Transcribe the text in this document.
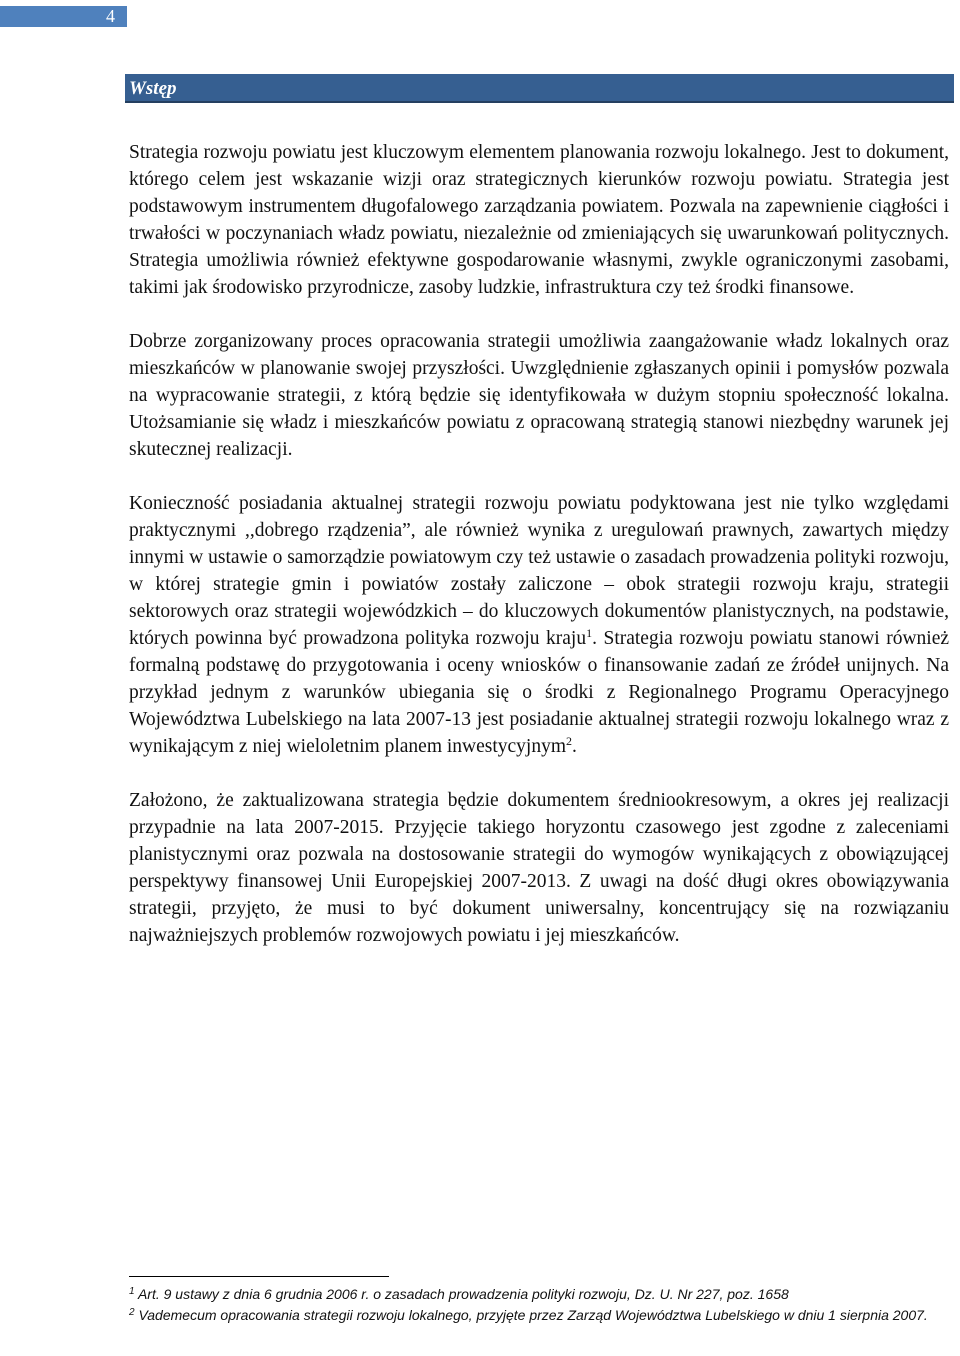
4
Wstęp

Strategia rozwoju powiatu jest kluczowym elementem planowania rozwoju lokalnego. Jest to dokument, którego celem jest wskazanie wizji oraz strategicznych kierunków rozwoju powiatu. Strategia jest podstawowym instrumentem długofalowego zarządzania powiatem. Pozwala na zapewnienie ciągłości i trwałości w poczynaniach władz powiatu, niezależnie od zmieniających się uwarunkowań politycznych. Strategia umożliwia również efektywne gospodarowanie własnymi, zwykle ograniczonymi zasobami, takimi jak środowisko przyrodnicze, zasoby ludzkie, infrastruktura czy też środki finansowe.

Dobrze zorganizowany proces opracowania strategii umożliwia zaangażowanie władz lokalnych oraz mieszkańców w planowanie swojej przyszłości. Uwzględnienie zgłaszanych opinii i pomysłów pozwala na wypracowanie strategii, z którą będzie się identyfikowała w dużym stopniu społeczność lokalna. Utożsamianie się władz i mieszkańców powiatu z opracowaną strategią stanowi niezbędny warunek jej skutecznej realizacji.

Konieczność posiadania aktualnej strategii rozwoju powiatu podyktowana jest nie tylko względami praktycznymi ,,dobrego rządzenia”, ale również wynika z uregulowań prawnych, zawartych między innymi w ustawie o samorządzie powiatowym czy też ustawie o zasadach prowadzenia polityki rozwoju, w której strategie gmin i powiatów zostały zaliczone – obok strategii rozwoju kraju, strategii sektorowych oraz strategii wojewódzkich – do kluczowych dokumentów planistycznych, na podstawie, których powinna być prowadzona polityka rozwoju kraju$^1$. Strategia rozwoju powiatu stanowi również formalną podstawę do przygotowania i oceny wniosków o finansowanie zadań ze źródeł unijnych. Na przykład jednym z warunków ubiegania się o środki z Regionalnego Programu Operacyjnego Województwa Lubelskiego na lata 2007-13 jest posiadanie aktualnej strategii rozwoju lokalnego wraz z wynikającym z niej wieloletnim planem inwestycyjnym$^2$.

Założono, że zaktualizowana strategia będzie dokumentem średniookresowym, a okres jej realizacji przypadnie na lata 2007-2015. Przyjęcie takiego horyzontu czasowego jest zgodne z zaleceniami planistycznymi oraz pozwala na dostosowanie strategii do wymogów wynikających z obowiązującej perspektywy finansowej Unii Europejskiej 2007-2013. Z uwagi na dość długi okres obowiązywania strategii, przyjęto, że musi to być dokument uniwersalny, koncentrujący się na rozwiązaniu najważniejszych problemów rozwojowych powiatu i jej mieszkańców.

$^1$ Art. 9 ustawy z dnia 6 grudnia 2006 r. o zasadach prowadzenia polityki rozwoju, Dz. U. Nr 227, poz. 1658

$^2$ Vademecum opracowania strategii rozwoju lokalnego, przyjęte przez Zarząd Województwa Lubelskiego w dniu 1 sierpnia 2007.
